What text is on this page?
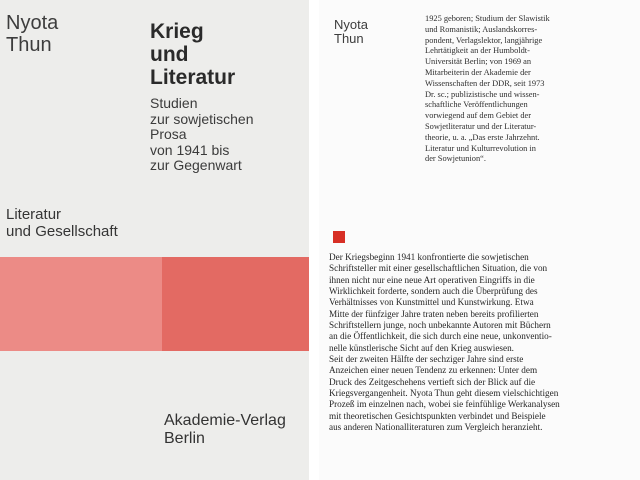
Nyota
Thun
Krieg
und
Literatur
Studien
zur sowjetischen
Prosa
von 1941 bis
zur Gegenwart
Literatur
und Gesellschaft
Akademie-Verlag
Berlin
Nyota
Thun
1925 geboren; Studium der Slawistik
und Romanistik; Auslandskorres-
pondent, Verlagslektor, langjährige
Lehrtätigkeit an der Humboldt-
Universität Berlin; von 1969 an
Mitarbeiterin der Akademie der
Wissenschaften der DDR, seit 1973
Dr. sc.; publizistische und wissen-
schaftliche Veröffentlichungen
vorwiegend auf dem Gebiet der
Sowjetliteratur und der Literatur-
theorie, u. a. „Das erste Jahrzehnt.
Literatur und Kulturrevolution in
der Sowjetunion“.
Der Kriegsbeginn 1941 konfrontierte die sowjetischen
Schriftsteller mit einer gesellschaftlichen Situation, die von
ihnen nicht nur eine neue Art operativen Eingriffs in die
Wirklichkeit forderte, sondern auch die Überprüfung des
Verhältnisses von Kunstmittel und Kunstwirkung. Etwa
Mitte der fünfziger Jahre traten neben bereits profilierten
Schriftstellern junge, noch unbekannte Autoren mit Büchern
an die Öffentlichkeit, die sich durch eine neue, unkonventio-
nelle künstlerische Sicht auf den Krieg auswiesen.
Seit der zweiten Hälfte der sechziger Jahre sind erste
Anzeichen einer neuen Tendenz zu erkennen: Unter dem
Druck des Zeitgeschehens vertieft sich der Blick auf die
Kriegsvergangenheit. Nyota Thun geht diesem vielschichtigen
Prozeß im einzelnen nach, wobei sie feinfühlige Werkanalysen
mit theoretischen Gesichtspunkten verbindet und Beispiele
aus anderen Nationalliteraturen zum Vergleich heranzieht.
